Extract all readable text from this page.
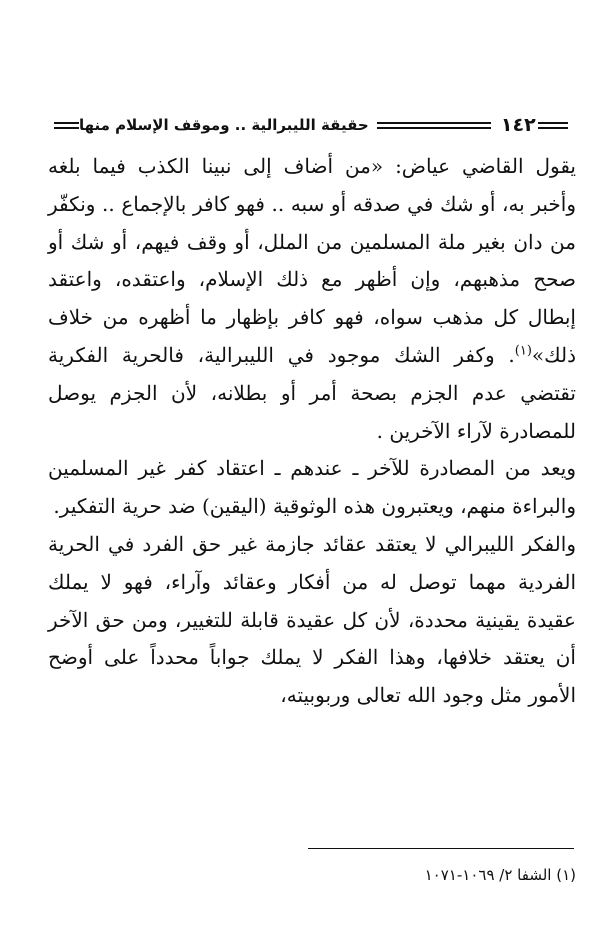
١٤٢
حقيقة الليبرالية .. وموقف الإسلام منها

يقول القاضي عياض: «من أضاف إلى نبينا الكذب فيما بلغه وأخبر به، أو شك في صدقه أو سبه .. فهو كافر بالإجماع .. ونكفّر من دان بغير ملة المسلمين من الملل، أو وقف فيهم، أو شك أو صحح مذهبهم، وإن أظهر مع ذلك الإسلام، واعتقده، واعتقد إبطال كل مذهب سواه، فهو كافر بإظهار ما أظهره من خلاف ذلك»$^{(١)}$. وكفر الشك موجود في الليبرالية، فالحرية الفكرية تقتضي عدم الجزم بصحة أمر أو بطلانه، لأن الجزم يوصل للمصادرة لآراء الآخرين .

ويعد من المصادرة للآخر ـ عندهم ـ اعتقاد كفر غير المسلمين والبراءة منهم، ويعتبرون هذه الوثوقية (اليقين) ضد حرية التفكير.

والفكر الليبرالي لا يعتقد عقائد جازمة غير حق الفرد في الحرية الفردية مهما توصل له من أفكار وعقائد وآراء، فهو لا يملك عقيدة يقينية محددة، لأن كل عقيدة قابلة للتغيير، ومن حق الآخر أن يعتقد خلافها، وهذا الفكر لا يملك جواباً محدداً على أوضح الأمور مثل وجود الله تعالى وربوبيته،

(١) الشفا ٢/ ١٠٦٩-١٠٧١
